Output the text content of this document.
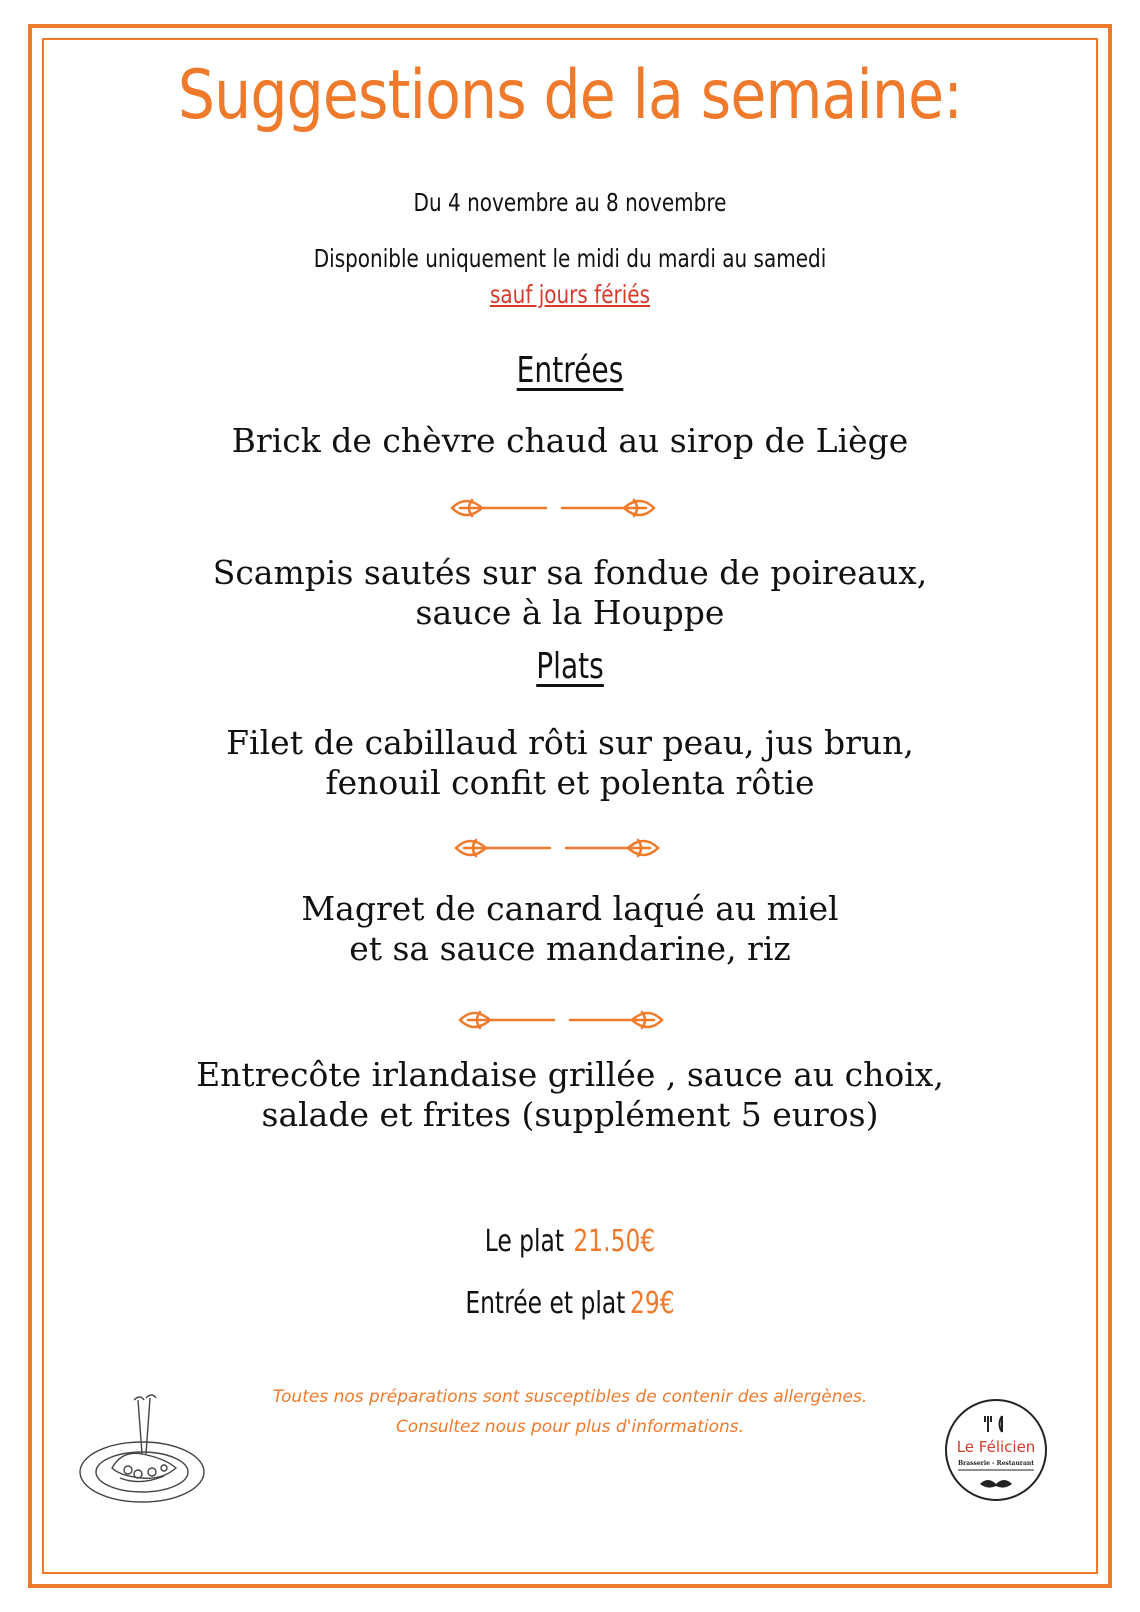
Suggestions de la semaine:
Du 4 novembre au 8 novembre
Disponible uniquement le midi du mardi au samedi
sauf jours fériés
Entrées
Brick de chèvre chaud au sirop de Liège
Scampis sautés sur sa fondue de poireaux,
sauce à la Houppe
Plats
Filet de cabillaud rôti sur peau, jus brun,
fenouil confit et polenta rôtie
Magret de canard laqué au miel
et sa sauce mandarine, riz
Entrecôte irlandaise grillée , sauce au choix,
salade et frites (supplément 5 euros)
Le plat 21.50€
Entrée et plat 29€
Toutes nos préparations sont susceptibles de contenir des allergènes.
Consultez nous pour plus d'informations.
Le Félicien
Brasserie - Restaurant
